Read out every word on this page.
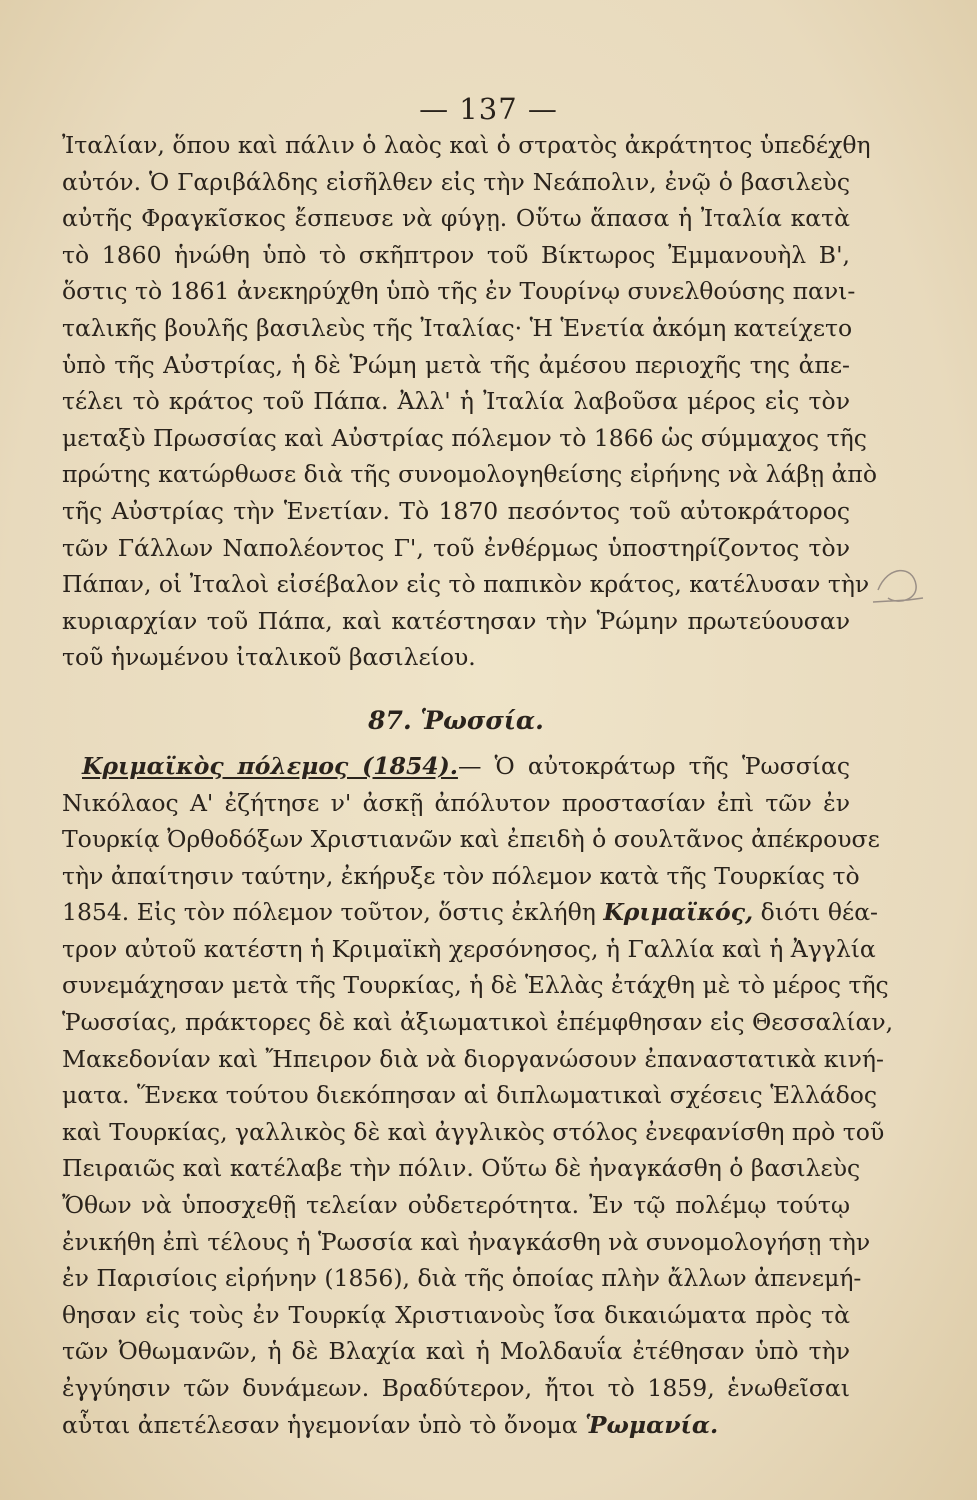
— 137 —
Ἰταλίαν, ὅπου καὶ πάλιν ὁ λαὸς καὶ ὁ στρατὸς ἀκράτητος ὑπεδέχθη
αὐτόν. Ὁ Γαριβάλδης εἰσῆλθεν εἰς τὴν Νεάπολιν, ἐνῷ ὁ βασιλεὺς
αὐτῆς Φραγκῖσκος ἔσπευσε νὰ φύγῃ. Οὕτω ἅπασα ἡ Ἰταλία κατὰ
τὸ 1860 ἡνώθη ὑπὸ τὸ σκῆπτρον τοῦ Βίκτωρος Ἐμμανουὴλ Β',
ὅστις τὸ 1861 ἀνεκηρύχθη ὑπὸ τῆς ἐν Τουρίνῳ συνελθούσης πανι-
ταλικῆς βουλῆς βασιλεὺς τῆς Ἰταλίας· Ἡ Ἑνετία ἀκόμη κατείχετο
ὑπὸ τῆς Αὐστρίας, ἡ δὲ Ῥώμη μετὰ τῆς ἀμέσου περιοχῆς της ἀπε-
τέλει τὸ κράτος τοῦ Πάπα. Ἀλλ' ἡ Ἰταλία λαβοῦσα μέρος εἰς τὸν
μεταξὺ Πρωσσίας καὶ Αὐστρίας πόλεμον τὸ 1866 ὡς σύμμαχος τῆς
πρώτης κατώρθωσε διὰ τῆς συνομολογηθείσης εἰρήνης νὰ λάβῃ ἀπὸ
τῆς Αὐστρίας τὴν Ἑνετίαν. Τὸ 1870 πεσόντος τοῦ αὐτοκράτορος
τῶν Γάλλων Ναπολέοντος Γ', τοῦ ἐνθέρμως ὑποστηρίζοντος τὸν
Πάπαν, οἱ Ἰταλοὶ εἰσέβαλον εἰς τὸ παπικὸν κράτος, κατέλυσαν τὴν
κυριαρχίαν τοῦ Πάπα, καὶ κατέστησαν τὴν Ῥώμην πρωτεύουσαν
τοῦ ἡνωμένου ἰταλικοῦ βασιλείου.
87. Ῥωσσία.
Κριμαϊκὸς πόλεμος (1854).— Ὁ αὐτοκράτωρ τῆς Ῥωσσίας
Νικόλαος Α' ἐζήτησε ν' ἀσκῇ ἀπόλυτον προστασίαν ἐπὶ τῶν ἐν
Τουρκίᾳ Ὀρθοδόξων Χριστιανῶν καὶ ἐπειδὴ ὁ σουλτᾶνος ἀπέκρουσε
τὴν ἀπαίτησιν ταύτην, ἐκήρυξε τὸν πόλεμον κατὰ τῆς Τουρκίας τὸ
1854. Εἰς τὸν πόλεμον τοῦτον, ὅστις ἐκλήθη Κριμαϊκός, διότι θέα-
τρον αὐτοῦ κατέστη ἡ Κριμαϊκὴ χερσόνησος, ἡ Γαλλία καὶ ἡ Ἀγγλία
συνεμάχησαν μετὰ τῆς Τουρκίας, ἡ δὲ Ἑλλὰς ἐτάχθη μὲ τὸ μέρος τῆς
Ῥωσσίας, πράκτορες δὲ καὶ ἀξιωματικοὶ ἐπέμφθησαν εἰς Θεσσαλίαν,
Μακεδονίαν καὶ Ἤπειρον διὰ νὰ διοργανώσουν ἐπαναστατικὰ κινή-
ματα. Ἕνεκα τούτου διεκόπησαν αἱ διπλωματικαὶ σχέσεις Ἑλλάδος
καὶ Τουρκίας, γαλλικὸς δὲ καὶ ἀγγλικὸς στόλος ἐνεφανίσθη πρὸ τοῦ
Πειραιῶς καὶ κατέλαβε τὴν πόλιν. Οὕτω δὲ ἠναγκάσθη ὁ βασιλεὺς
Ὄθων νὰ ὑποσχεθῇ τελείαν οὐδετερότητα. Ἐν τῷ πολέμῳ τούτῳ
ἐνικήθη ἐπὶ τέλους ἡ Ῥωσσία καὶ ἠναγκάσθη νὰ συνομολογήσῃ τὴν
ἐν Παρισίοις εἰρήνην (1856), διὰ τῆς ὁποίας πλὴν ἄλλων ἀπενεμή-
θησαν εἰς τοὺς ἐν Τουρκίᾳ Χριστιανοὺς ἴσα δικαιώματα πρὸς τὰ
τῶν Ὀθωμανῶν, ἡ δὲ Βλαχία καὶ ἡ Μολδαυΐα ἐτέθησαν ὑπὸ τὴν
ἐγγύησιν τῶν δυνάμεων. Βραδύτερον, ἤτοι τὸ 1859, ἑνωθεῖσαι
αὗται ἀπετέλεσαν ἡγεμονίαν ὑπὸ τὸ ὄνομα Ῥωμανία.
